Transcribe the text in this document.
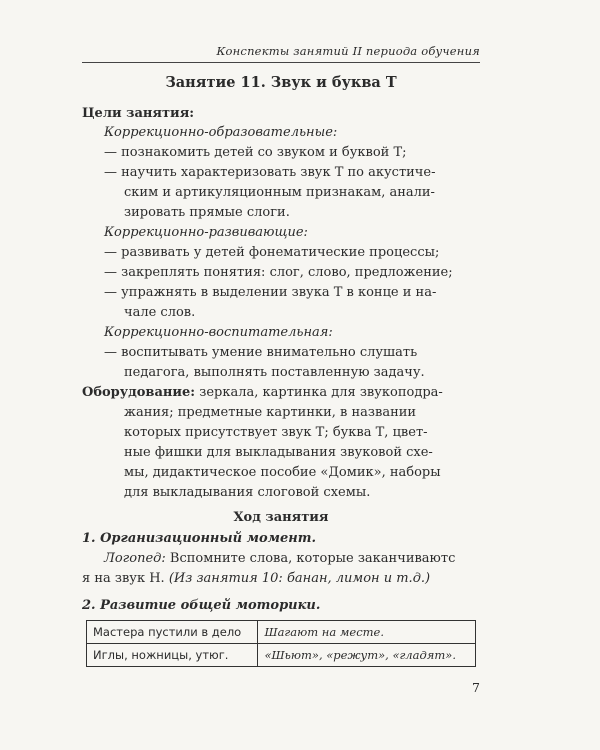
Конспекты занятий II периода обучения
Занятие 11. Звук и буква Т
Цели занятия:
Коррекционно-образовательные:
— познакомить детей со звуком и буквой Т;
— научить характеризовать звук Т по акустиче-
ским и артикуляционным признакам, анали-
зировать прямые слоги.
Коррекционно-развивающие:
— развивать у детей фонематические процессы;
— закреплять понятия: слог, слово, предложение;
— упражнять в выделении звука Т в конце и на-
чале слов.
Коррекционно-воспитательная:
— воспитывать умение внимательно слушать
педагога, выполнять поставленную задачу.
Оборудование: зеркала, картинка для звукоподра-
жания; предметные картинки, в названии
которых присутствует звук Т; буква Т, цвет-
ные фишки для выкладывания звуковой схе-
мы, дидактическое пособие «Домик», наборы
для выкладывания слоговой схемы.
Ход занятия
1. Организационный момент.
Логопед: Вспомните слова, которые заканчиваютс
я на звук Н. (Из занятия 10: банан, лимон и т.д.)
2. Развитие общей моторики.
Мастера пустили в дело	Шагают на месте.
Иглы, ножницы, утюг.	«Шьют», «режут», «гладят».
7
